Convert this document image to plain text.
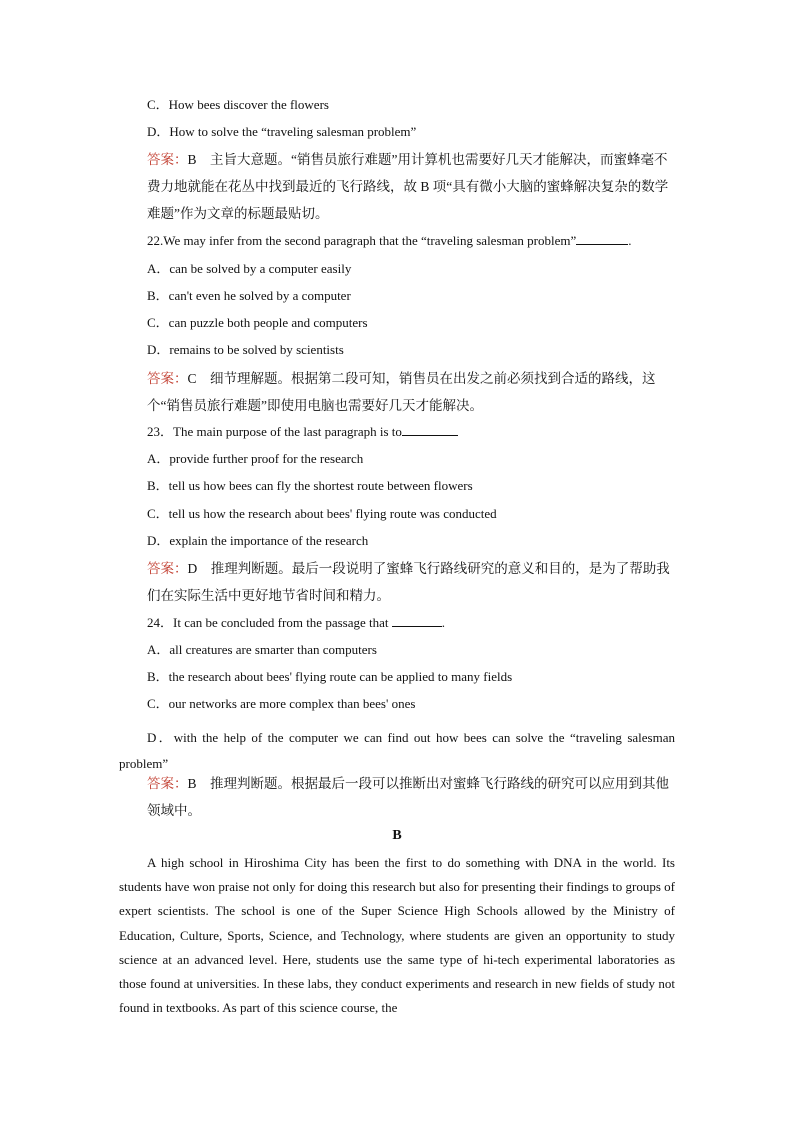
C．How bees discover the flowers
D．How to solve the “traveling salesman problem”
答案：B　主旨大意题。“销售员旅行难题”用计算机也需要好几天才能解决，而蜜蜂毫不费力地就能在花丛中找到最近的飞行路线，故 B 项“具有微小大脑的蜜蜂解决复杂的数学难题”作为文章的标题最贴切。
22.We may infer from the second paragraph that the “traveling salesman problem”	.
A．can be solved by a computer easily
B．can't even he solved by a computer
C．can puzzle both people and computers
D．remains to be solved by scientists
答案：C　细节理解题。根据第二段可知，销售员在出发之前必须找到合适的路线，这个“销售员旅行难题”即使用电脑也需要好几天才能解决。
23．The main purpose of the last paragraph is to
A．provide further proof for the research
B．tell us how bees can fly the shortest route between flowers
C．tell us how the research about bees' flying route was conducted
D．explain the importance of the research
答案：D　推理判断题。最后一段说明了蜜蜂飞行路线研究的意义和目的，是为了帮助我们在实际生活中更好地节省时间和精力。
24．It can be concluded from the passage that	.
A．all creatures are smarter than computers
B．the research about bees' flying route can be applied to many fields
C．our networks are more complex than bees' ones
D．with the help of the computer we can find out how bees can solve the “traveling salesman problem”
答案：B　推理判断题。根据最后一段可以推断出对蜜蜂飞行路线的研究可以应用到其他领域中。
B
A high school in Hiroshima City has been the first to do something with DNA in the world. Its students have won praise not only for doing this research but also for presenting their findings to groups of expert scientists. The school is one of the Super Science High Schools allowed by the Ministry of Education, Culture, Sports, Science, and Technology, where students are given an opportunity to study science at an advanced level. Here, students use the same type of hi-tech experimental laboratories as those found at universities. In these labs, they conduct experiments and research in new fields of study not found in textbooks. As part of this science course, the
